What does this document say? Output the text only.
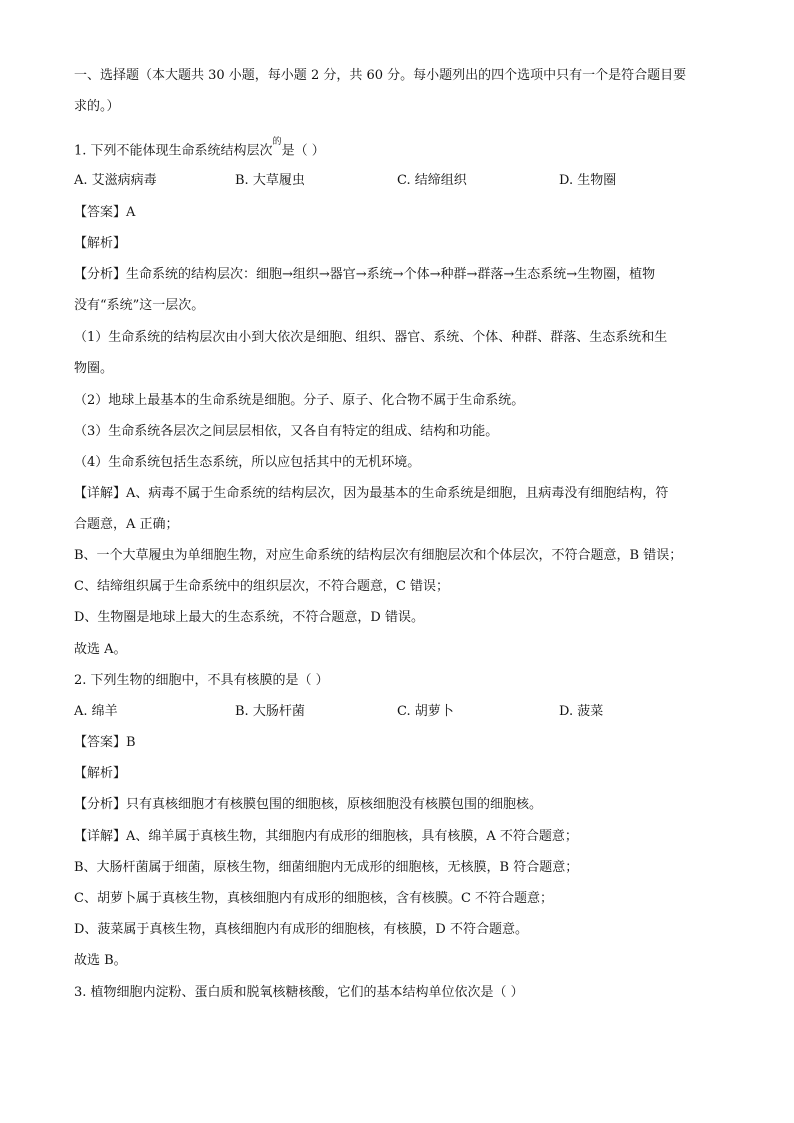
一、选择题（本大题共 30 小题，每小题 2 分，共 60 分。每小题列出的四个选项中只有一个是符合题目要
求的。）
1. 下列不能体现生命系统结构层次$^的$是（ ）
A. 艾滋病病毒	B. 大草履虫	C. 结缔组织	D. 生物圈
【答案】A
【解析】
【分析】生命系统的结构层次：细胞→组织→器官→系统→个体→种群→群落→生态系统→生物圈，植物
没有“系统”这一层次。
（1）生命系统的结构层次由小到大依次是细胞、组织、器官、系统、个体、种群、群落、生态系统和生
物圈。
（2）地球上最基本的生命系统是细胞。分子、原子、化合物不属于生命系统。
（3）生命系统各层次之间层层相依，又各自有特定的组成、结构和功能。
（4）生命系统包括生态系统，所以应包括其中的无机环境。
【详解】A、病毒不属于生命系统的结构层次，因为最基本的生命系统是细胞，且病毒没有细胞结构，符
合题意，A 正确；
B、一个大草履虫为单细胞生物，对应生命系统的结构层次有细胞层次和个体层次，不符合题意，B 错误；
C、结缔组织属于生命系统中的组织层次，不符合题意，C 错误；
D、生物圈是地球上最大的生态系统，不符合题意，D 错误。
故选 A。
2. 下列生物的细胞中，不具有核膜的是（ ）
A. 绵羊	B. 大肠杆菌	C. 胡萝卜	D. 菠菜
【答案】B
【解析】
【分析】只有真核细胞才有核膜包围的细胞核，原核细胞没有核膜包围的细胞核。
【详解】A、绵羊属于真核生物，其细胞内有成形的细胞核，具有核膜，A 不符合题意；
B、大肠杆菌属于细菌，原核生物，细菌细胞内无成形的细胞核，无核膜，B 符合题意；
C、胡萝卜属于真核生物，真核细胞内有成形的细胞核，含有核膜。C 不符合题意；
D、菠菜属于真核生物，真核细胞内有成形的细胞核，有核膜，D 不符合题意。
故选 B。
3. 植物细胞内淀粉、蛋白质和脱氧核糖核酸，它们的基本结构单位依次是（ ）
